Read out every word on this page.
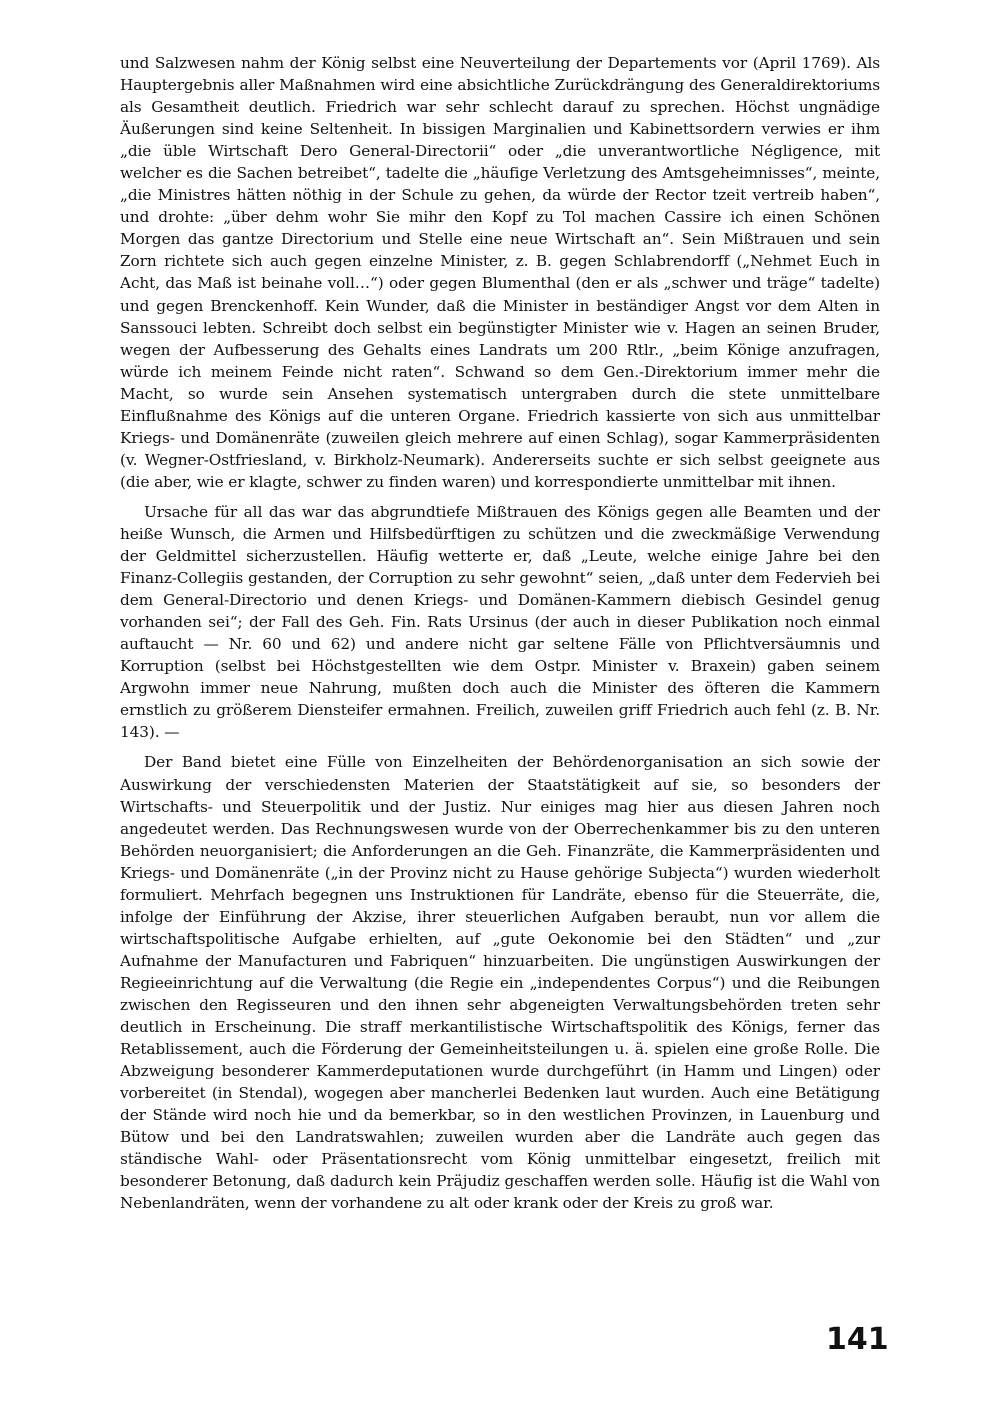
und Salzwesen nahm der König selbst eine Neuverteilung der Departements vor (April 1769). Als Hauptergebnis aller Maßnahmen wird eine absichtliche Zurückdrängung des Generaldirektoriums als Gesamtheit deutlich. Friedrich war sehr schlecht darauf zu sprechen. Höchst ungnädige Äußerungen sind keine Seltenheit. In bissigen Marginalien und Kabinettsordern verwies er ihm „die üble Wirtschaft Dero General-Directorii“ oder „die unverantwortliche Négligence, mit welcher es die Sachen betreibet“, tadelte die „häufige Verletzung des Amtsgeheimnisses“, meinte, „die Ministres hätten nöthig in der Schule zu gehen, da würde der Rector tzeit vertreib haben“, und drohte: „über dehm wohr Sie mihr den Kopf zu Tol machen Cassire ich einen Schönen Morgen das gantze Directorium und Stelle eine neue Wirtschaft an“. Sein Mißtrauen und sein Zorn richtete sich auch gegen einzelne Minister, z. B. gegen Schlabrendorff („Nehmet Euch in Acht, das Maß ist beinahe voll…“) oder gegen Blumenthal (den er als „schwer und träge“ tadelte) und gegen Brenckenhoff. Kein Wunder, daß die Minister in beständiger Angst vor dem Alten in Sanssouci lebten. Schreibt doch selbst ein begünstigter Minister wie v. Hagen an seinen Bruder, wegen der Aufbesserung des Gehalts eines Landrats um 200 Rtlr., „beim Könige anzufragen, würde ich meinem Feinde nicht raten“. Schwand so dem Gen.-Direktorium immer mehr die Macht, so wurde sein Ansehen systematisch untergraben durch die stete unmittelbare Einflußnahme des Königs auf die unteren Organe. Friedrich kassierte von sich aus unmittelbar Kriegs- und Domänenräte (zuweilen gleich mehrere auf einen Schlag), sogar Kammerpräsidenten (v. Wegner-Ostfriesland, v. Birkholz-Neumark). Andererseits suchte er sich selbst geeignete aus (die aber, wie er klagte, schwer zu finden waren) und korrespondierte unmittelbar mit ihnen.

Ursache für all das war das abgrundtiefe Mißtrauen des Königs gegen alle Beamten und der heiße Wunsch, die Armen und Hilfsbedürftigen zu schützen und die zweckmäßige Verwendung der Geldmittel sicherzustellen. Häufig wetterte er, daß „Leute, welche einige Jahre bei den Finanz-Collegiis gestanden, der Corruption zu sehr gewohnt“ seien, „daß unter dem Federvieh bei dem General-Directorio und denen Kriegs- und Domänen-Kammern diebisch Gesindel genug vorhanden sei“; der Fall des Geh. Fin. Rats Ursinus (der auch in dieser Publikation noch einmal auftaucht — Nr. 60 und 62) und andere nicht gar seltene Fälle von Pflichtversäumnis und Korruption (selbst bei Höchstgestellten wie dem Ostpr. Minister v. Braxein) gaben seinem Argwohn immer neue Nahrung, mußten doch auch die Minister des öfteren die Kammern ernstlich zu größerem Diensteifer ermahnen. Freilich, zuweilen griff Friedrich auch fehl (z. B. Nr. 143). —

Der Band bietet eine Fülle von Einzelheiten der Behördenorganisation an sich sowie der Auswirkung der verschiedensten Materien der Staatstätigkeit auf sie, so besonders der Wirtschafts- und Steuerpolitik und der Justiz. Nur einiges mag hier aus diesen Jahren noch angedeutet werden. Das Rechnungswesen wurde von der Oberrechenkammer bis zu den unteren Behörden neuorganisiert; die Anforderungen an die Geh. Finanzräte, die Kammerpräsidenten und Kriegs- und Domänenräte („in der Provinz nicht zu Hause gehörige Subjecta“) wurden wiederholt formuliert. Mehrfach begegnen uns Instruktionen für Landräte, ebenso für die Steuerräte, die, infolge der Einführung der Akzise, ihrer steuerlichen Aufgaben beraubt, nun vor allem die wirtschaftspolitische Aufgabe erhielten, auf „gute Oekonomie bei den Städten“ und „zur Aufnahme der Manufacturen und Fabriquen“ hinzuarbeiten. Die ungünstigen Auswirkungen der Regieeinrichtung auf die Verwaltung (die Regie ein „independentes Corpus“) und die Reibungen zwischen den Regisseuren und den ihnen sehr abgeneigten Verwaltungsbehörden treten sehr deutlich in Erscheinung. Die straff merkantilistische Wirtschaftspolitik des Königs, ferner das Retablissement, auch die Förderung der Gemeinheitsteilungen u. ä. spielen eine große Rolle. Die Abzweigung besonderer Kammerdeputationen wurde durchgeführt (in Hamm und Lingen) oder vorbereitet (in Stendal), wogegen aber mancherlei Bedenken laut wurden. Auch eine Betätigung der Stände wird noch hie und da bemerkbar, so in den westlichen Provinzen, in Lauenburg und Bütow und bei den Landratswahlen; zuweilen wurden aber die Landräte auch gegen das ständische Wahl- oder Präsentationsrecht vom König unmittelbar eingesetzt, freilich mit besonderer Betonung, daß dadurch kein Präjudiz geschaffen werden solle. Häufig ist die Wahl von Nebenlandräten, wenn der vorhandene zu alt oder krank oder der Kreis zu groß war.

141
